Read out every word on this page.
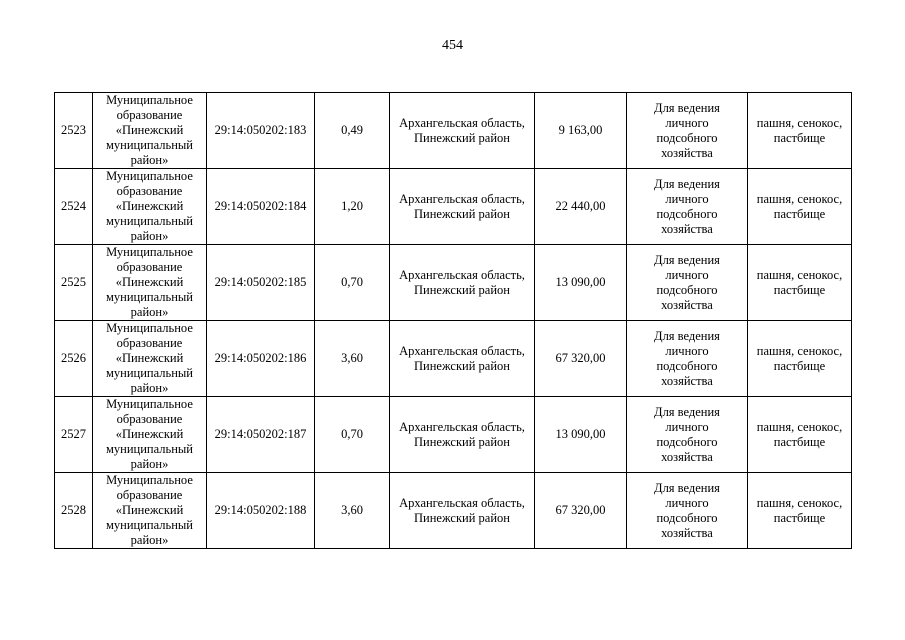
454
2523	Муниципальное
образование
«Пинежский
муниципальный
район»	29:14:050202:183	0,49	Архангельская область,
Пинежский район	9 163,00	Для ведения
личного
подсобного
хозяйства	пашня, сенокос,
пастбище

2524	Муниципальное
образование
«Пинежский
муниципальный
район»	29:14:050202:184	1,20	Архангельская область,
Пинежский район	22 440,00	Для ведения
личного
подсобного
хозяйства	пашня, сенокос,
пастбище

2525	Муниципальное
образование
«Пинежский
муниципальный
район»	29:14:050202:185	0,70	Архангельская область,
Пинежский район	13 090,00	Для ведения
личного
подсобного
хозяйства	пашня, сенокос,
пастбище

2526	Муниципальное
образование
«Пинежский
муниципальный
район»	29:14:050202:186	3,60	Архангельская область,
Пинежский район	67 320,00	Для ведения
личного
подсобного
хозяйства	пашня, сенокос,
пастбище

2527	Муниципальное
образование
«Пинежский
муниципальный
район»	29:14:050202:187	0,70	Архангельская область,
Пинежский район	13 090,00	Для ведения
личного
подсобного
хозяйства	пашня, сенокос,
пастбище

2528	Муниципальное
образование
«Пинежский
муниципальный
район»	29:14:050202:188	3,60	Архангельская область,
Пинежский район	67 320,00	Для ведения
личного
подсобного
хозяйства	пашня, сенокос,
пастбище
